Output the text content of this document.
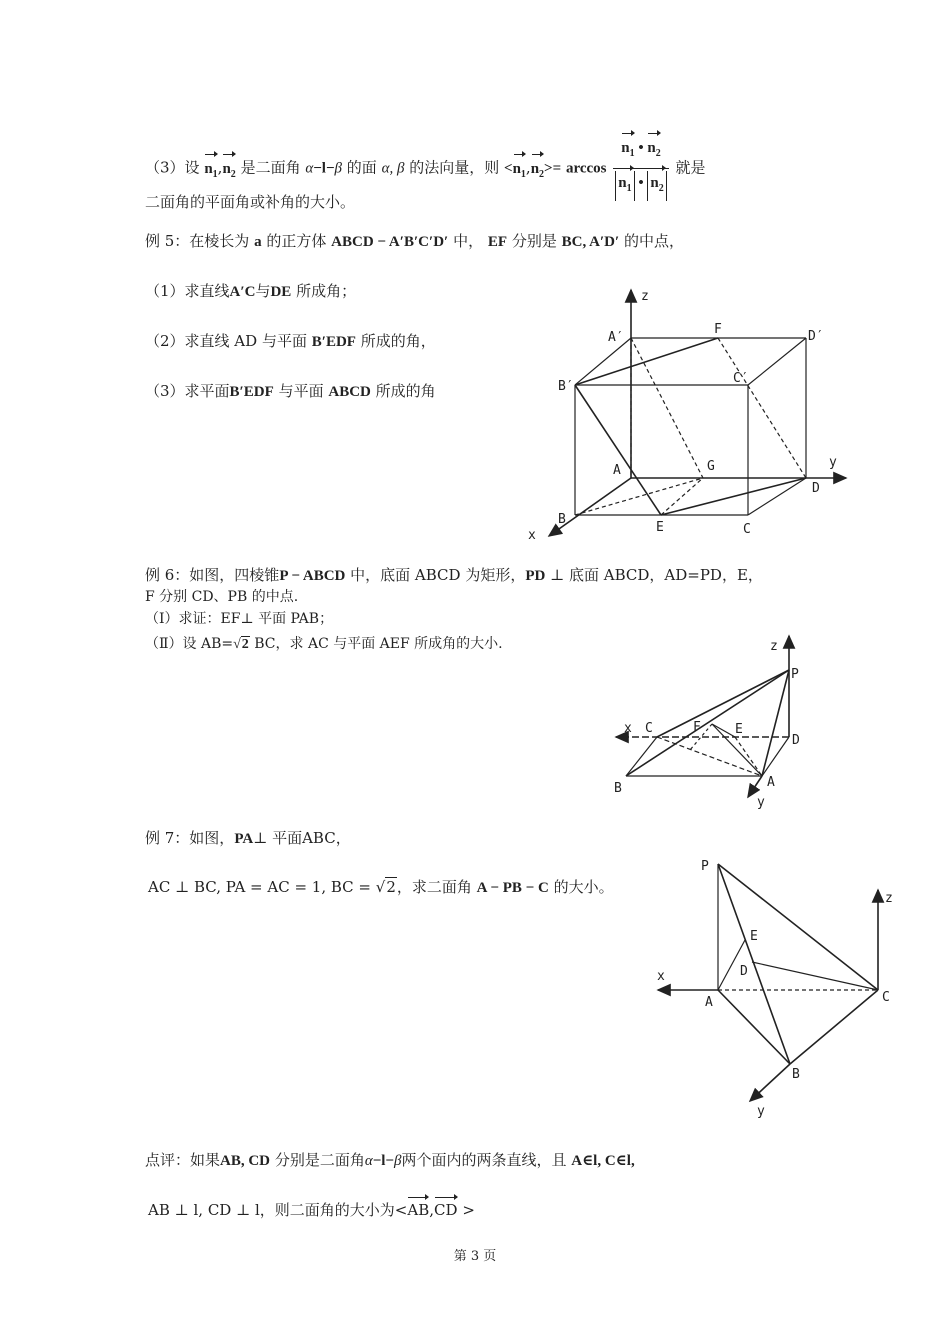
（3）设 $n_1,n_2$ 是二面角 α−l−β 的面 α, β 的法向量，则 $<n_1,n_2>= \arccos \frac{n_1 • n_2}{n_1 • n_2}$ 就是
二面角的平面角或补角的大小。
例 5：在棱长为 a 的正方体 ABCD − A′B′C′D′ 中， EF 分别是 BC, A′D′ 的中点，
（1）求直线A′C与DE 所成角；
（2）求直线 AD 与平面 B′EDF 所成的角，
（3）求平面B′EDF 与平面 ABCD 所成的角
z
y
x
A′
F	D′
B′
C′
A	G
D
B
E	C
例 6：如图，四棱锥P − ABCD 中，底面 ABCD 为矩形，PD ⊥ 底面 ABCD，AD=PD，E，
F 分别 CD、PB 的中点.
（Ⅰ）求证：EF⊥ 平面 PAB；
（Ⅱ）设 AB=√2 BC，求 AC 与平面 AEF 所成角的大小.	z
P
x C	F	E
D
B	A
y
例 7：如图，PA⊥ 平面ABC，
AC ⊥ BC, PA = AC = 1, BC = √2，求二面角 A − PB − C 的大小。
P
z
E
D
x
A	C
B
y
点评：如果AB, CD 分别是二面角α−l−β两个面内的两条直线，且 A∈l, C∈l,
AB ⊥ l, CD ⊥ l，则二面角的大小为<AB,CD >
第 3 页
